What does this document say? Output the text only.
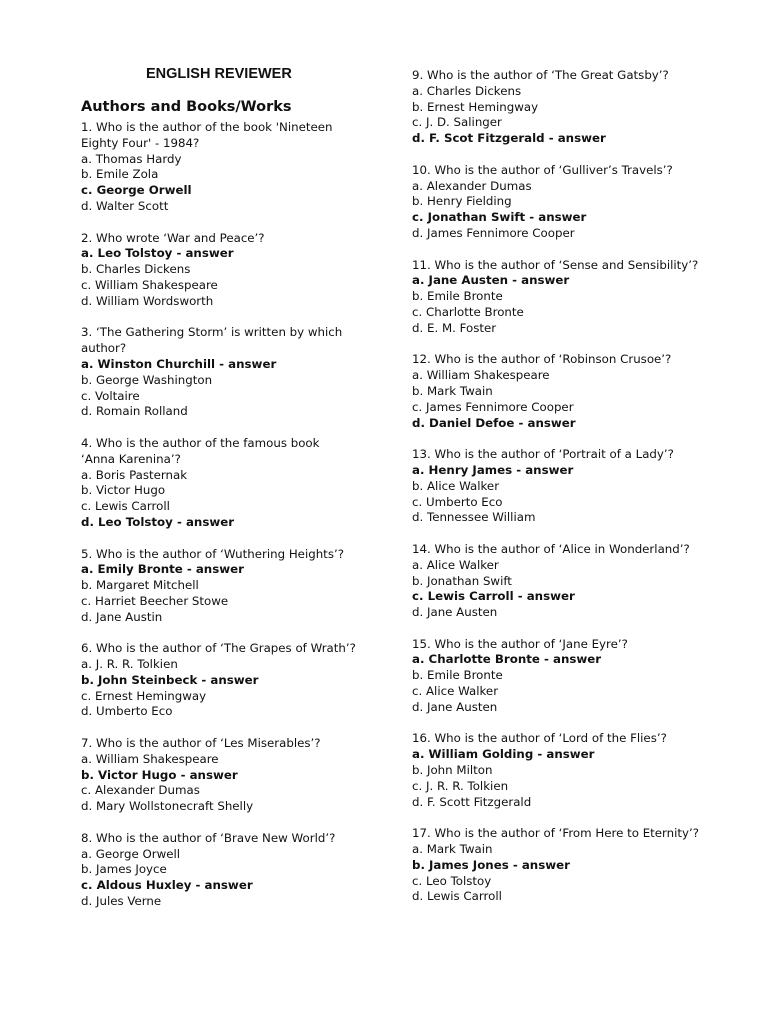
ENGLISH REVIEWER
Authors and Books/Works
1. Who is the author of the book 'Nineteen Eighty Four' - 1984?
a. Thomas Hardy
b. Emile Zola
c. George Orwell
d. Walter Scott
2. Who wrote ‘War and Peace’?
a. Leo Tolstoy - answer
b. Charles Dickens
c. William Shakespeare
d. William Wordsworth
3. ‘The Gathering Storm’ is written by which author?
a. Winston Churchill - answer
b. George Washington
c. Voltaire
d. Romain Rolland
4. Who is the author of the famous book ‘Anna Karenina’?
a. Boris Pasternak
b. Victor Hugo
c. Lewis Carroll
d. Leo Tolstoy - answer
5. Who is the author of ‘Wuthering Heights’?
a. Emily Bronte - answer
b. Margaret Mitchell
c. Harriet Beecher Stowe
d. Jane Austin
6. Who is the author of ‘The Grapes of Wrath’?
a. J. R. R. Tolkien
b. John Steinbeck - answer
c. Ernest Hemingway
d. Umberto Eco
7. Who is the author of ‘Les Miserables’?
a. William Shakespeare
b. Victor Hugo - answer
c. Alexander Dumas
d. Mary Wollstonecraft Shelly
8. Who is the author of ‘Brave New World’?
a. George Orwell
b. James Joyce
c. Aldous Huxley - answer
d. Jules Verne
9. Who is the author of ‘The Great Gatsby’?
a. Charles Dickens
b. Ernest Hemingway
c. J. D. Salinger
d. F. Scot Fitzgerald - answer
10. Who is the author of ‘Gulliver’s Travels’?
a. Alexander Dumas
b. Henry Fielding
c. Jonathan Swift - answer
d. James Fennimore Cooper
11. Who is the author of ‘Sense and Sensibility’?
a. Jane Austen - answer
b. Emile Bronte
c. Charlotte Bronte
d. E. M. Foster
12. Who is the author of ‘Robinson Crusoe’?
a. William Shakespeare
b. Mark Twain
c. James Fennimore Cooper
d. Daniel Defoe - answer
13. Who is the author of ‘Portrait of a Lady’?
a. Henry James - answer
b. Alice Walker
c. Umberto Eco
d. Tennessee William
14. Who is the author of ‘Alice in Wonderland’?
a. Alice Walker
b. Jonathan Swift
c. Lewis Carroll - answer
d. Jane Austen
15. Who is the author of ‘Jane Eyre’?
a. Charlotte Bronte - answer
b. Emile Bronte
c. Alice Walker
d. Jane Austen
16. Who is the author of ‘Lord of the Flies’?
a. William Golding - answer
b. John Milton
c. J. R. R. Tolkien
d. F. Scott Fitzgerald
17. Who is the author of ‘From Here to Eternity’?
a. Mark Twain
b. James Jones - answer
c. Leo Tolstoy
d. Lewis Carroll
